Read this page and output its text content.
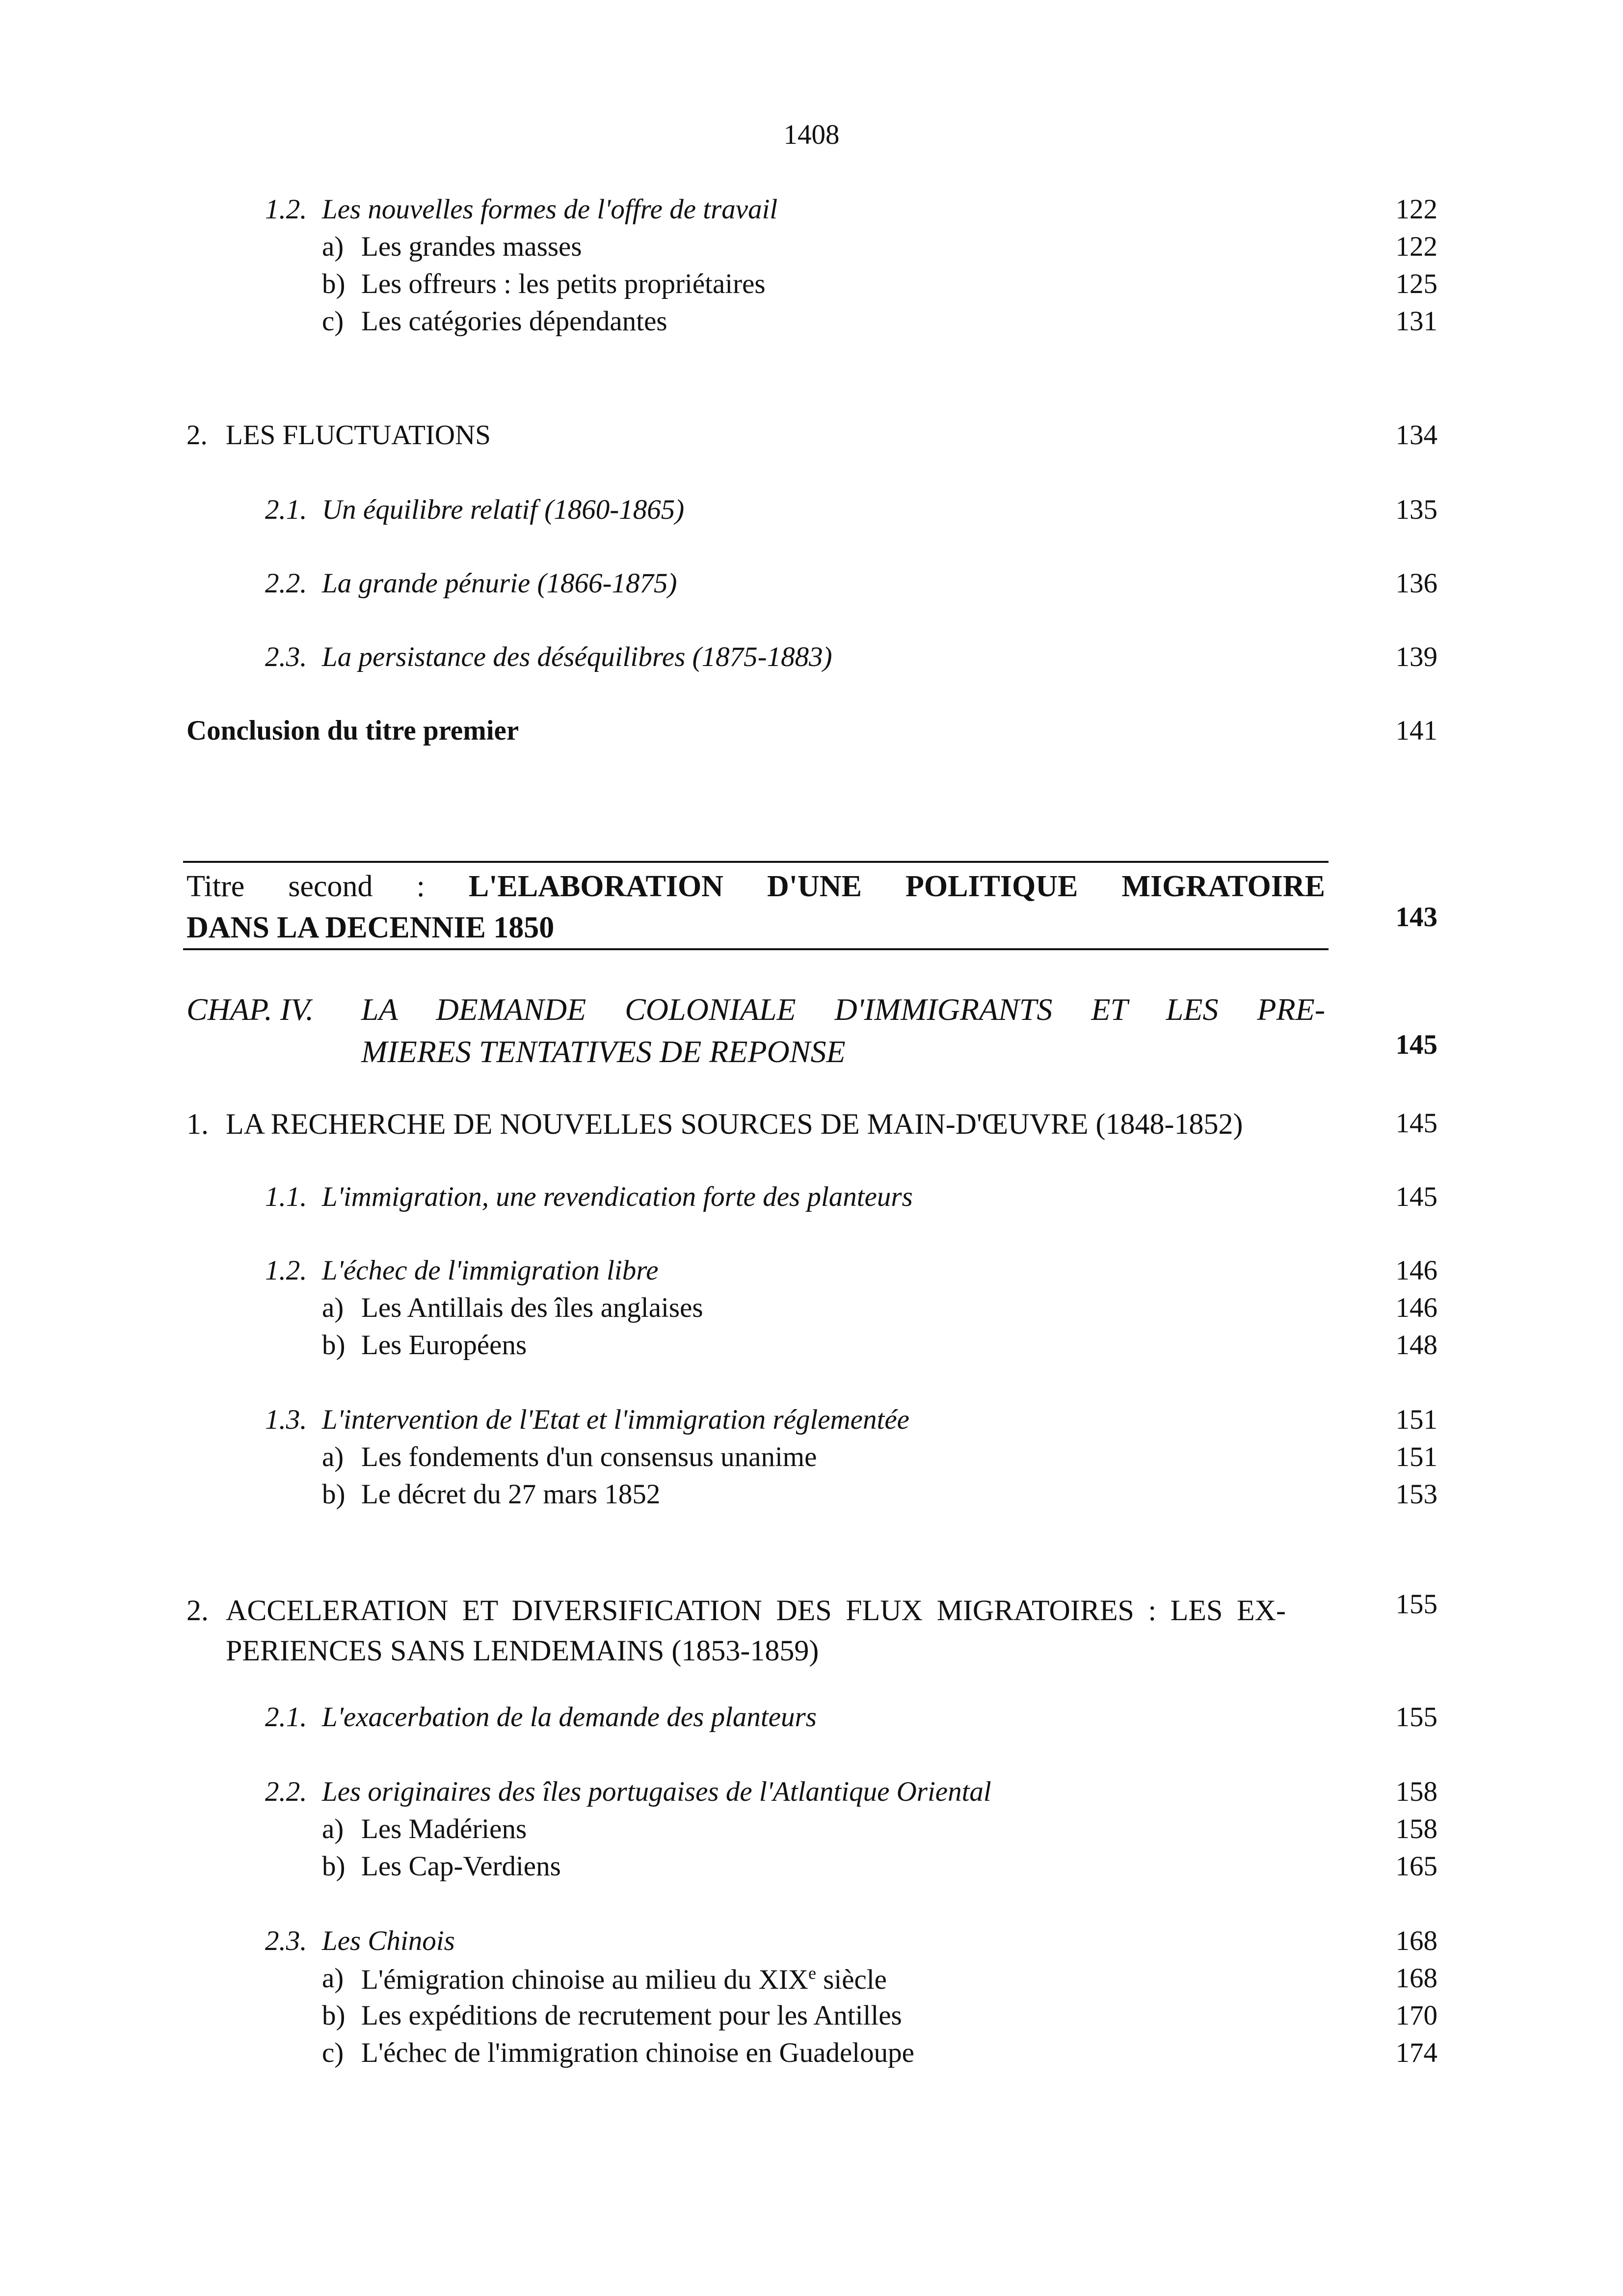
1408
1.2. Les nouvelles formes de l'offre de travail	122
a) Les grandes masses	122
b) Les offreurs : les petits propriétaires	125
c) Les catégories dépendantes	131
2. LES FLUCTUATIONS	134
2.1. Un équilibre relatif (1860-1865)	135
2.2. La grande pénurie (1866-1875)	136
2.3. La persistance des déséquilibres (1875-1883)	139
Conclusion du titre premier	141
Titre second : L'ELABORATION D'UNE POLITIQUE MIGRATOIRE
DANS LA DECENNIE 1850	143
CHAP. IV.	LA DEMANDE COLONIALE D'IMMIGRANTS ET LES PRE-
MIERES TENTATIVES DE REPONSE	145
1. LA RECHERCHE DE NOUVELLES SOURCES DE MAIN-D'ŒUVRE (1848-1852)	145
1.1. L'immigration, une revendication forte des planteurs	145
1.2. L'échec de l'immigration libre	146
a) Les Antillais des îles anglaises	146
b) Les Européens	148
1.3. L'intervention de l'Etat et l'immigration réglementée	151
a) Les fondements d'un consensus unanime	151
b) Le décret du 27 mars 1852	153
2. ACCELERATION ET DIVERSIFICATION DES FLUX MIGRATOIRES : LES EX-
PERIENCES SANS LENDEMAINS (1853-1859)
155
2.1. L'exacerbation de la demande des planteurs	155
2.2. Les originaires des îles portugaises de l'Atlantique Oriental	158
a) Les Madériens	158
b) Les Cap-Verdiens	165
2.3. Les Chinois	168
a) L'émigration chinoise au milieu du XIXe siècle	168
b) Les expéditions de recrutement pour les Antilles	170
c) L'échec de l'immigration chinoise en Guadeloupe	174
